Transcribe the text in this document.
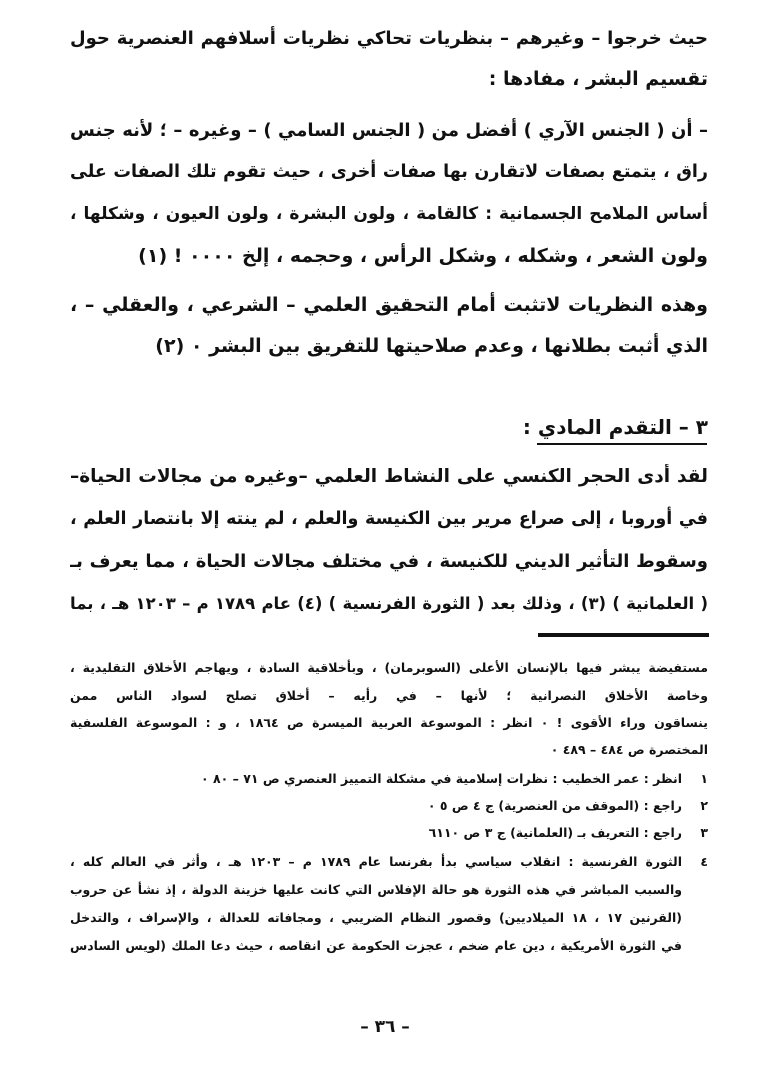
حيث خرجوا – وغيرهم – بنظريات تحاكي نظريات أسلافهم العنصرية حول
تقسيم البشر ، مفادها :
– أن ( الجنس الآري ) أفضل من ( الجنس السامي ) – وغيره – ؛ لأنه جنس
راق ، يتمتع بصفات لاتقارن بها صفات أخرى ، حيث تقوم تلك الصفات على
أساس الملامح الجسمانية : كالقامة ، ولون البشرة ، ولون العيون ، وشكلها ،
ولون الشعر ، وشكله ، وشكل الرأس ، وحجمه ، إلخ ٠٠٠٠ ! (١)
وهذه النظريات لاتثبت أمام التحقيق العلمي – الشرعي ، والعقلي – ،
الذي أثبت بطلانها ، وعدم صلاحيتها للتفريق بين البشر ٠ (٢)
٣ – التقدم المادي :
لقد أدى الحجر الكنسي على النشاط العلمي –وغيره من مجالات الحياة–
في أوروبا ، إلى صراع مرير بين الكنيسة والعلم ، لم ينته إلا بانتصار العلم ،
وسقوط التأثير الديني للكنيسة ، في مختلف مجالات الحياة ، مما يعرف بـ
( العلمانية ) (٣) ، وذلك بعد ( الثورة الفرنسية ) (٤) عام ١٧٨٩ م – ١٢٠٣ هـ ، بما
مستفيضة يبشر فيها بالإنسان الأعلى (السوبرمان) ، وبأخلاقية السادة ، ويهاجم الأخلاق التقليدية ،
وخاصة الأخلاق النصرانية ؛ لأنها – في رأيه – أخلاق تصلح لسواد الناس ممن
ينساقون وراء الأقوى ! ٠ انظر : الموسوعة العربية الميسرة ص ١٨٦٤ ، و : الموسوعة الفلسفية
المختصرة ص ٤٨٤ – ٤٨٩ ٠
١
انظر : عمر الخطيب : نظرات إسلامية في مشكلة التمييز العنصري ص ٧١ – ٨٠ ٠
٢
راجع : (الموقف من العنصرية) ج ٤ ص ٥ ٠
٣
راجع : التعريف بـ (العلمانية) ج ٣ ص ٦١١٠
٤
الثورة الفرنسية : انقلاب سياسي بدأ بفرنسا عام ١٧٨٩ م – ١٢٠٣ هـ ، وأثر في العالم كله ،
والسبب المباشر في هذه الثورة هو حالة الإفلاس التي كانت عليها خزينة الدولة ، إذ نشأ عن حروب
(القرنين ١٧ ، ١٨ الميلاديين) وقصور النظام الضريبي ، ومجافاته للعدالة ، والإسراف ، والتدخل
في الثورة الأمريكية ، دين عام ضخم ، عجزت الحكومة عن انقاصه ، حيث دعا الملك (لويس السادس
– ٣٦ –
